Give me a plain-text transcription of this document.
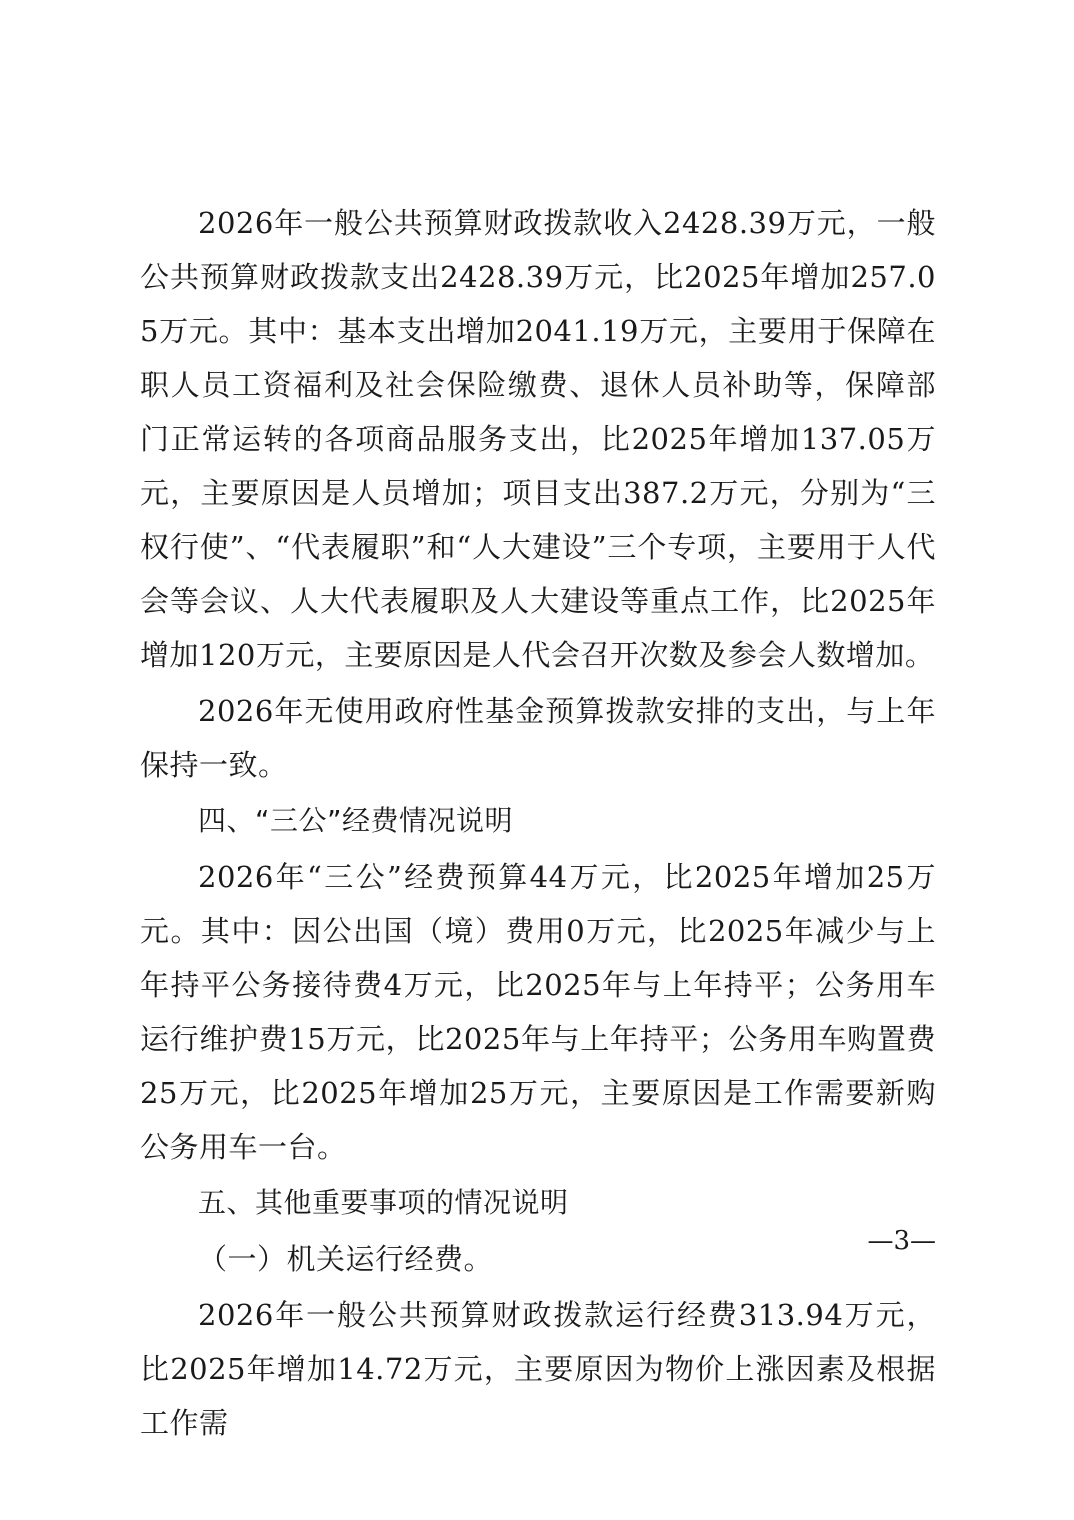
2026年一般公共预算财政拨款收入2428.39万元，一般公共预算财政拨款支出2428.39万元，比2025年增加257.05万元。其中：基本支出增加2041.19万元，主要用于保障在职人员工资福利及社会保险缴费、退休人员补助等，保障部门正常运转的各项商品服务支出，比2025年增加137.05万元，主要原因是人员增加；项目支出387.2万元，分别为“三权行使”、“代表履职”和“人大建设”三个专项，主要用于人代会等会议、人大代表履职及人大建设等重点工作，比2025年增加120万元，主要原因是人代会召开次数及参会人数增加。

2026年无使用政府性基金预算拨款安排的支出，与上年保持一致。

四、“三公”经费情况说明

2026年“三公”经费预算44万元，比2025年增加25万元。其中：因公出国（境）费用0万元，比2025年减少与上年持平公务接待费4万元，比2025年与上年持平；公务用车运行维护费15万元，比2025年与上年持平；公务用车购置费25万元，比2025年增加25万元，主要原因是工作需要新购公务用车一台。

五、其他重要事项的情况说明

（一）机关运行经费。

2026年一般公共预算财政拨款运行经费313.94万元，比2025年增加14.72万元，主要原因为物价上涨因素及根据工作需

—3—
